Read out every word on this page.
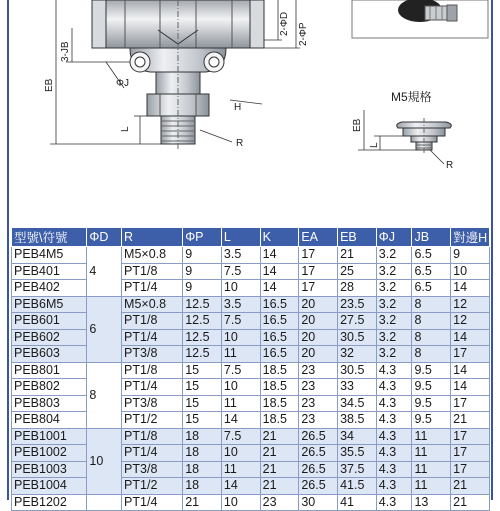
3-JB
EB	ΦJ
2-ΦD 2-ΦP
H
L
R
EB
L
R
M5規格
型號\符號	ΦD	R	ΦP	L	K	EA	EB	ΦJ	JB	對邊H
PEB4M5	4	M5×0.8	9	3.5	14	17	21	3.2	6.5	9
PEB401		PT1/8	9	7.5	14	17	25	3.2	6.5	10
PEB402		PT1/4	9	10	14	17	28	3.2	6.5	14
PEB6M5	6	M5×0.8	12.5	3.5	16.5	20	23.5	3.2	8	12
PEB601		PT1/8	12.5	7.5	16.5	20	27.5	3.2	8	12
PEB602		PT1/4	12.5	10	16.5	20	30.5	3.2	8	14
PEB603		PT3/8	12.5	11	16.5	20	32	3.2	8	17
PEB801	8	PT1/8	15	7.5	18.5	23	30.5	4.3	9.5	14
PEB802		PT1/4	15	10	18.5	23	33	4.3	9.5	14
PEB803		PT3/8	15	11	18.5	23	34.5	4.3	9.5	17
PEB804		PT1/2	15	14	18.5	23	38.5	4.3	9.5	21
PEB1001	10	PT1/8	18	7.5	21	26.5	34	4.3	11	17
PEB1002		PT1/4	18	10	21	26.5	35.5	4.3	11	17
PEB1003		PT3/8	18	11	21	26.5	37.5	4.3	11	17
PEB1004		PT1/2	18	14	21	26.5	41.5	4.3	11	21
PEB1202		PT1/4	21	10	23	30	41	4.3	13	21
